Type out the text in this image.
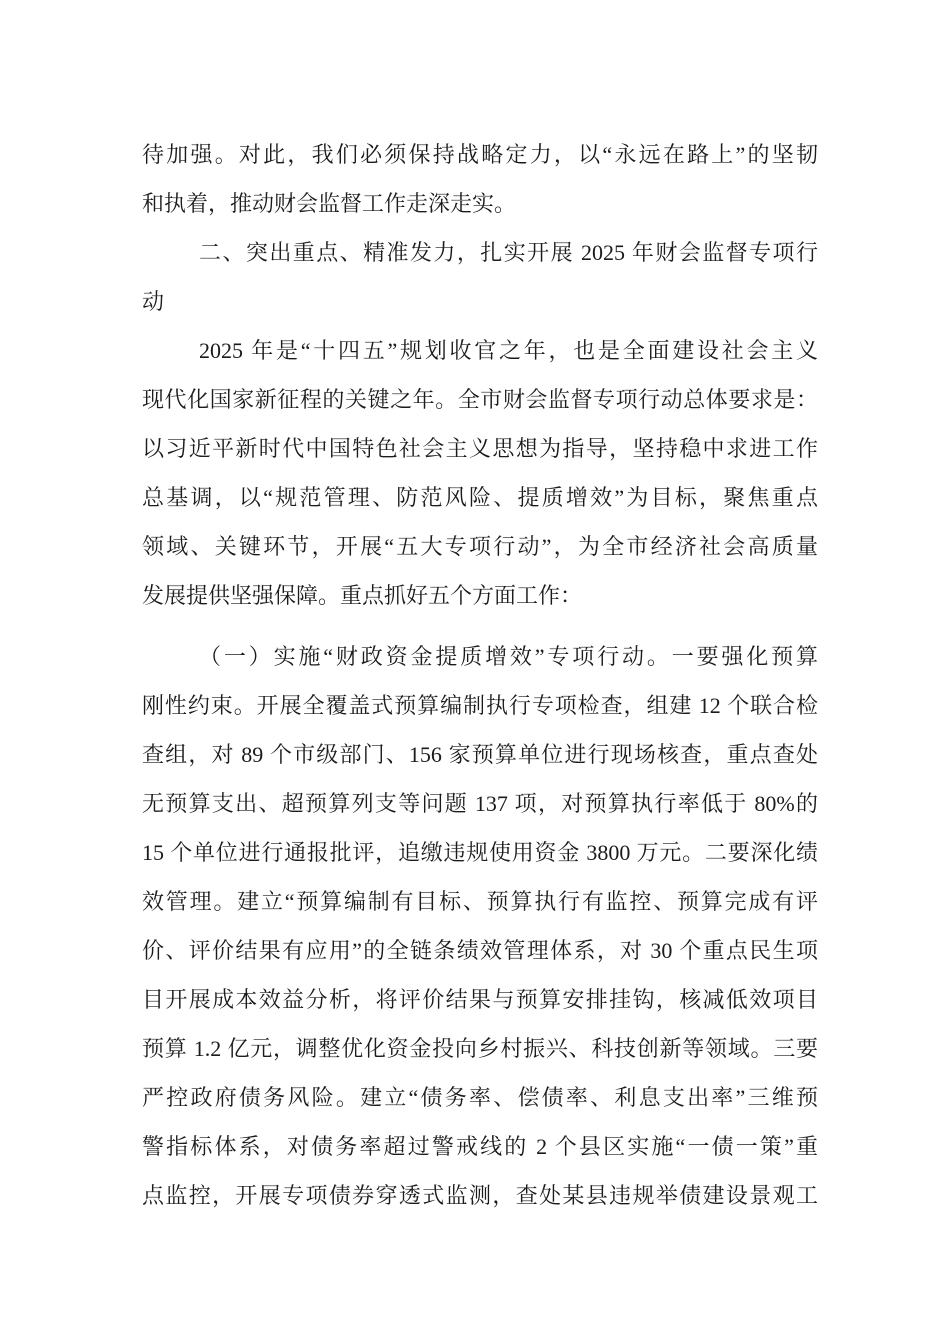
待加强。对此，我们必须保持战略定力，以“永远在路上”的坚韧
和执着，推动财会监督工作走深走实。
二、突出重点、精准发力，扎实开展 2025 年财会监督专项行
动
2025 年是“十四五”规划收官之年，也是全面建设社会主义
现代化国家新征程的关键之年。全市财会监督专项行动总体要求是：
以习近平新时代中国特色社会主义思想为指导，坚持稳中求进工作
总基调，以“规范管理、防范风险、提质增效”为目标，聚焦重点
领域、关键环节，开展“五大专项行动”，为全市经济社会高质量
发展提供坚强保障。重点抓好五个方面工作：
（一）实施“财政资金提质增效”专项行动。一要强化预算
刚性约束。开展全覆盖式预算编制执行专项检查，组建 12 个联合检
查组，对 89 个市级部门、156 家预算单位进行现场核查，重点查处
无预算支出、超预算列支等问题 137 项，对预算执行率低于 80%的
15 个单位进行通报批评，追缴违规使用资金 3800 万元。二要深化绩
效管理。建立“预算编制有目标、预算执行有监控、预算完成有评
价、评价结果有应用”的全链条绩效管理体系，对 30 个重点民生项
目开展成本效益分析，将评价结果与预算安排挂钩，核减低效项目
预算 1.2 亿元，调整优化资金投向乡村振兴、科技创新等领域。三要
严控政府债务风险。建立“债务率、偿债率、利息支出率”三维预
警指标体系，对债务率超过警戒线的 2 个县区实施“一债一策”重
点监控，开展专项债券穿透式监测，查处某县违规举债建设景观工
